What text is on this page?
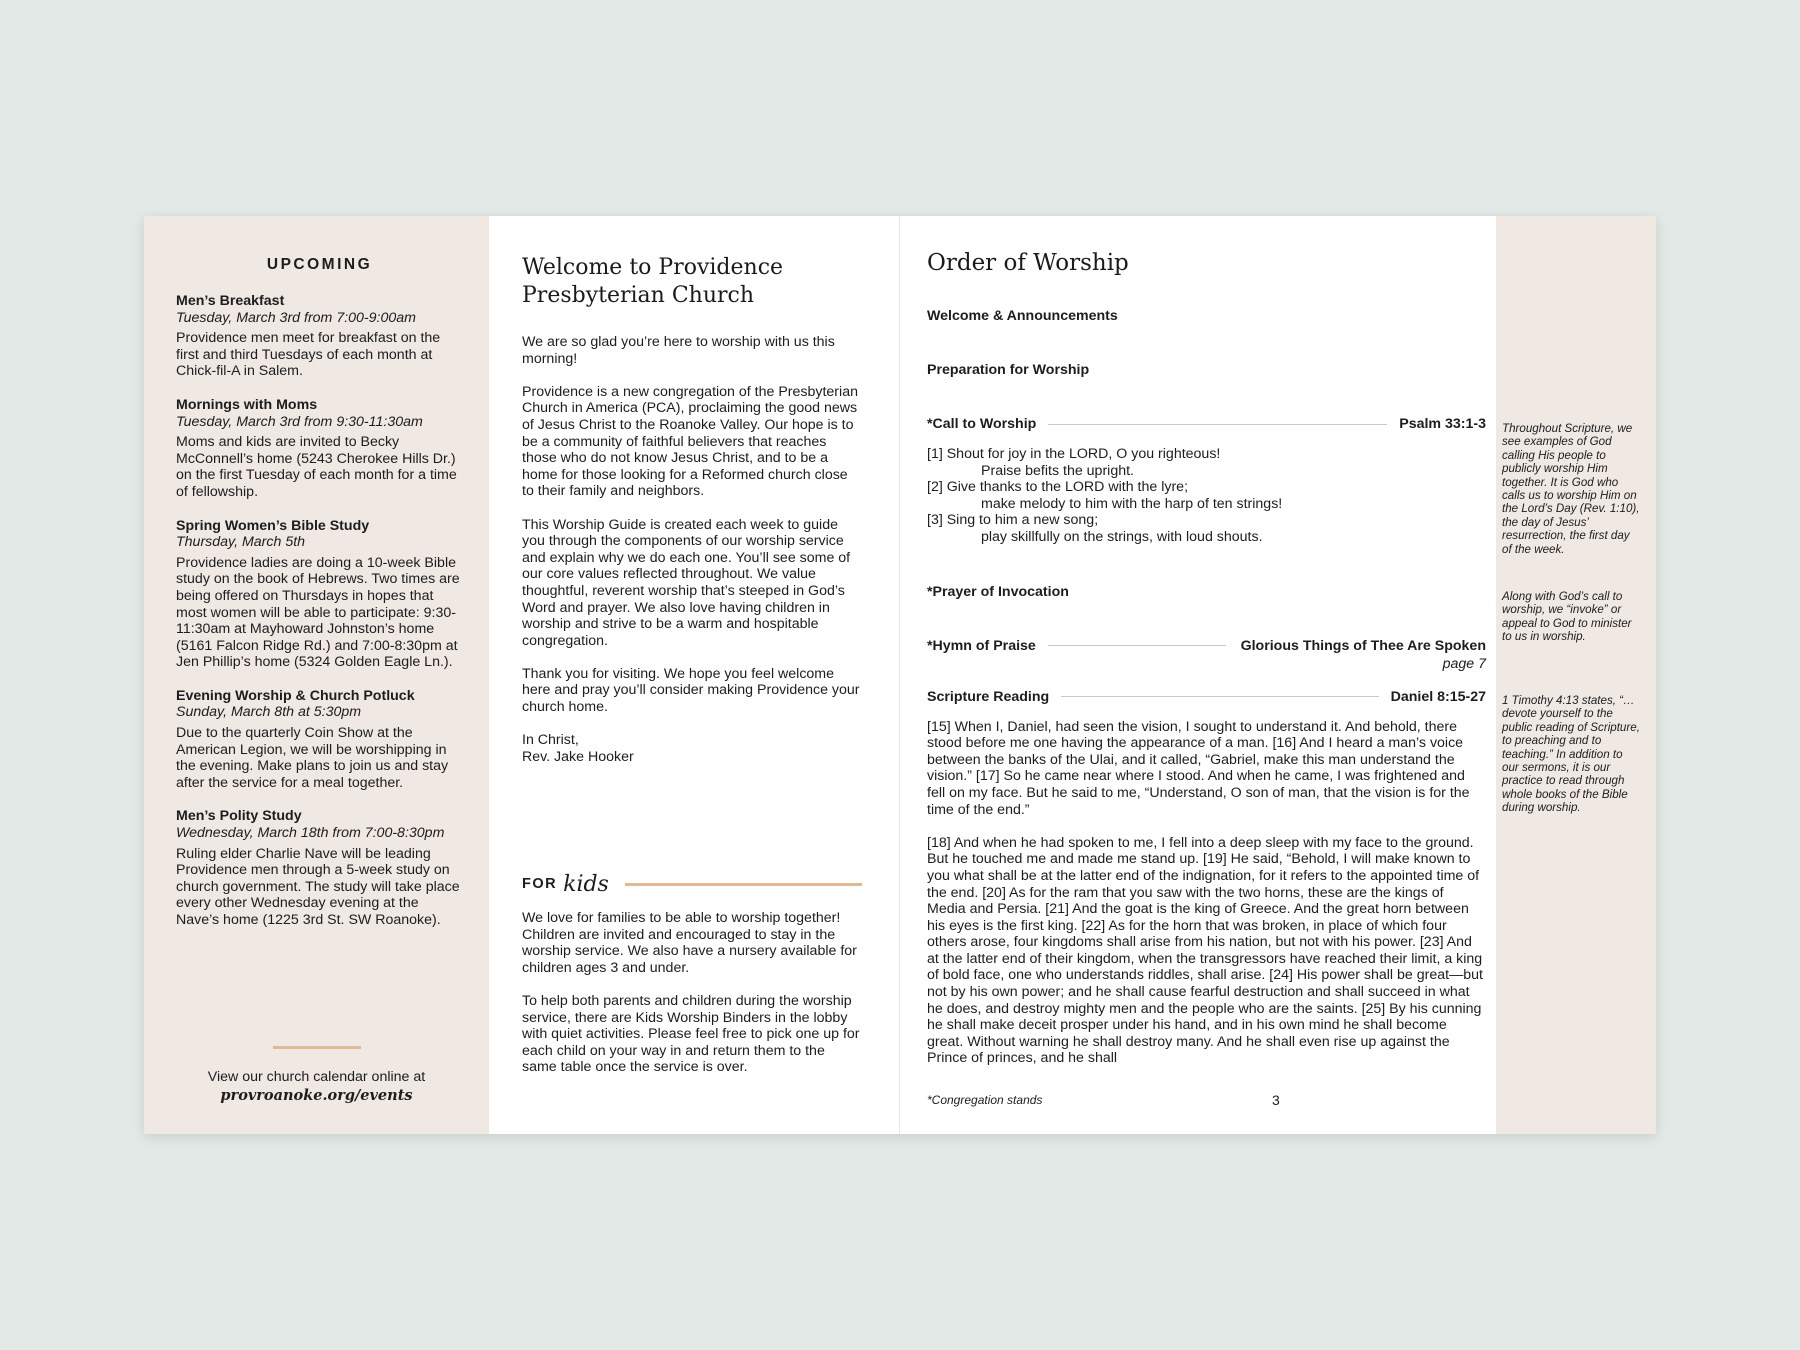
UPCOMING
Men’s Breakfast
Tuesday, March 3rd from 7:00-9:00am

Providence men meet for breakfast on the first and third Tuesdays of each month at Chick-fil-A in Salem.

Mornings with Moms
Tuesday, March 3rd from 9:30-11:30am

Moms and kids are invited to Becky McConnell’s home (5243 Cherokee Hills Dr.) on the first Tuesday of each month for a time of fellowship.

Spring Women’s Bible Study
Thursday, March 5th

Providence ladies are doing a 10-week Bible study on the book of Hebrews. Two times are being offered on Thursdays in hopes that most women will be able to participate: 9:30-11:30am at Mayhoward Johnston’s home (5161 Falcon Ridge Rd.) and 7:00-8:30pm at Jen Phillip’s home (5324 Golden Eagle Ln.).

Evening Worship & Church Potluck
Sunday, March 8th at 5:30pm

Due to the quarterly Coin Show at the American Legion, we will be worshipping in the evening. Make plans to join us and stay after the service for a meal together.

Men’s Polity Study
Wednesday, March 18th from 7:00-8:30pm

Ruling elder Charlie Nave will be leading Providence men through a 5-week study on church government. The study will take place every other Wednesday evening at the Nave’s home (1225 3rd St. SW Roanoke).

View our church calendar online at
provroanoke.org/events
Welcome to Providence Presbyterian Church

We are so glad you’re here to worship with us this morning!

Providence is a new congregation of the Presbyterian Church in America (PCA), proclaiming the good news of Jesus Christ to the Roanoke Valley. Our hope is to be a community of faithful believers that reaches those who do not know Jesus Christ, and to be a home for those looking for a Reformed church close to their family and neighbors.

This Worship Guide is created each week to guide you through the components of our worship service and explain why we do each one. You’ll see some of our core values reflected throughout. We value thoughtful, reverent worship that’s steeped in God’s Word and prayer. We also love having children in worship and strive to be a warm and hospitable congregation.

Thank you for visiting. We hope you feel welcome here and pray you’ll consider making Providence your church home.

In Christ,
Rev. Jake Hooker
FOR kids

We love for families to be able to worship together! Children are invited and encouraged to stay in the worship service. We also have a nursery available for children ages 3 and under.

To help both parents and children during the worship service, there are Kids Worship Binders in the lobby with quiet activities. Please feel free to pick one up for each child on your way in and return them to the same table once the service is over.

Order of Worship
Welcome & Announcements
Preparation for Worship
*Call to Worship	Psalm 33:1-3
[1] Shout for joy in the LORD, O you righteous!
Praise befits the upright.
[2] Give thanks to the LORD with the lyre;
make melody to him with the harp of ten strings!
[3] Sing to him a new song;
play skillfully on the strings, with loud shouts.
*Prayer of Invocation
*Hymn of Praise	Glorious Things of Thee Are Spoken
page 7
Scripture Reading	Daniel 8:15-27

[15] When I, Daniel, had seen the vision, I sought to understand it. And behold, there stood before me one having the appearance of a man. [16] And I heard a man’s voice between the banks of the Ulai, and it called, “Gabriel, make this man understand the vision.” [17] So he came near where I stood. And when he came, I was frightened and fell on my face. But he said to me, “Understand, O son of man, that the vision is for the time of the end.”

[18] And when he had spoken to me, I fell into a deep sleep with my face to the ground. But he touched me and made me stand up. [19] He said, “Behold, I will make known to you what shall be at the latter end of the indignation, for it refers to the appointed time of the end. [20] As for the ram that you saw with the two horns, these are the kings of Media and Persia. [21] And the goat is the king of Greece. And the great horn between his eyes is the first king. [22] As for the horn that was broken, in place of which four others arose, four kingdoms shall arise from his nation, but not with his power. [23] And at the latter end of their kingdom, when the transgressors have reached their limit, a king of bold face, one who understands riddles, shall arise. [24] His power shall be great—but not by his own power; and he shall cause fearful destruction and shall succeed in what he does, and destroy mighty men and the people who are the saints. [25] By his cunning he shall make deceit prosper under his hand, and in his own mind he shall become great. Without warning he shall destroy many. And he shall even rise up against the Prince of princes, and he shall

*Congregation stands	3
Throughout Scripture, we see examples of God calling His people to publicly worship Him together. It is God who calls us to worship Him on the Lord’s Day (Rev. 1:10), the day of Jesus’ resurrection, the first day of the week.
Along with God’s call to worship, we “invoke” or appeal to God to minister to us in worship.
1 Timothy 4:13 states, “…devote yourself to the public reading of Scripture, to preaching and to teaching.” In addition to our sermons, it is our practice to read through whole books of the Bible during worship.
